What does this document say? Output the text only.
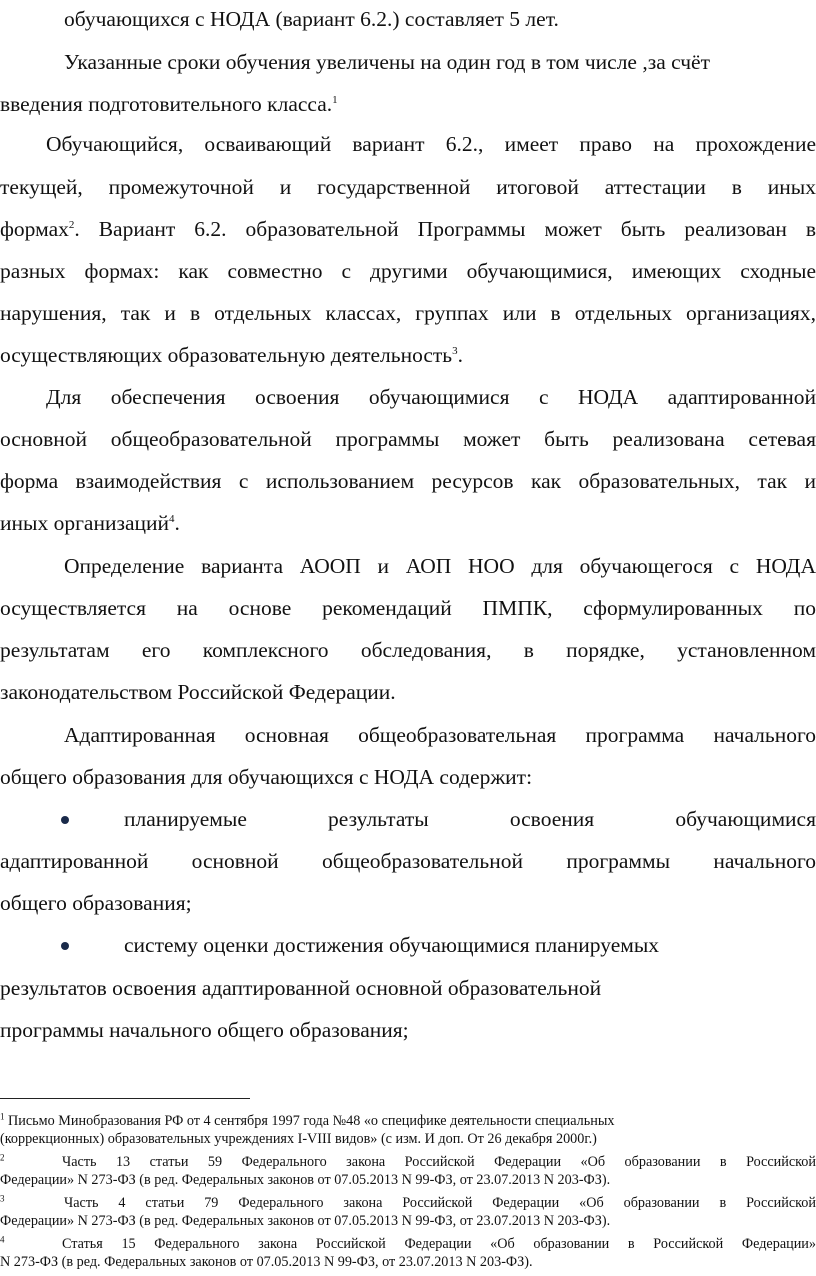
обучающихся с НОДА (вариант 6.2.) составляет 5 лет.
Указанные сроки обучения увеличены на один год в том числе ,за счёт
введения подготовительного класса.$^1$
Обучающийся, осваивающий вариант 6.2., имеет право на прохождение
текущей, промежуточной и государственной итоговой аттестации в иных
формах$^2$. Вариант 6.2. образовательной Программы может быть реализован в
разных формах: как совместно с другими обучающимися, имеющих сходные
нарушения, так и в отдельных классах, группах или в отдельных организациях,
осуществляющих образовательную деятельность$^3$.
Для обеспечения освоения обучающимися с НОДА адаптированной
основной общеобразовательной программы может быть реализована сетевая
форма взаимодействия с использованием ресурсов как образовательных, так и
иных организаций$^4$.
Определение варианта АООП и АОП НОО для обучающегося с НОДА
осуществляется на основе рекомендаций ПМПК, сформулированных по
результатам его комплексного обследования, в порядке, установленном
законодательством Российской Федерации.
Адаптированная основная общеобразовательная программа начального
общего образования для обучающихся с НОДА содержит:
планируемые результаты освоения обучающимися
адаптированной основной общеобразовательной программы начального
общего образования;
систему оценки достижения обучающимися планируемых
результатов освоения адаптированной основной образовательной
программы начального общего образования;
$^1$ Письмо Минобразования РФ от 4 сентября 1997 года №48 «о специфике деятельности специальных
(коррекционных) образовательных учреждениях I-VIII видов» (с изм. И доп. От 26 декабря 2000г.)
$^2$	Часть 13 статьи 59 Федерального закона Российской Федерации «Об образовании в Российской
Федерации» N 273-ФЗ (в ред. Федеральных законов от 07.05.2013 N 99-ФЗ, от 23.07.2013 N 203-ФЗ).
$^3$	Часть 4 статьи 79 Федерального закона Российской Федерации «Об образовании в Российской
Федерации» N 273-ФЗ (в ред. Федеральных законов от 07.05.2013 N 99-ФЗ, от 23.07.2013 N 203-ФЗ).
$^4$	Статья 15 Федерального закона Российской Федерации «Об образовании в Российской Федерации»
N 273-ФЗ (в ред. Федеральных законов от 07.05.2013 N 99-ФЗ, от 23.07.2013 N 203-ФЗ).
